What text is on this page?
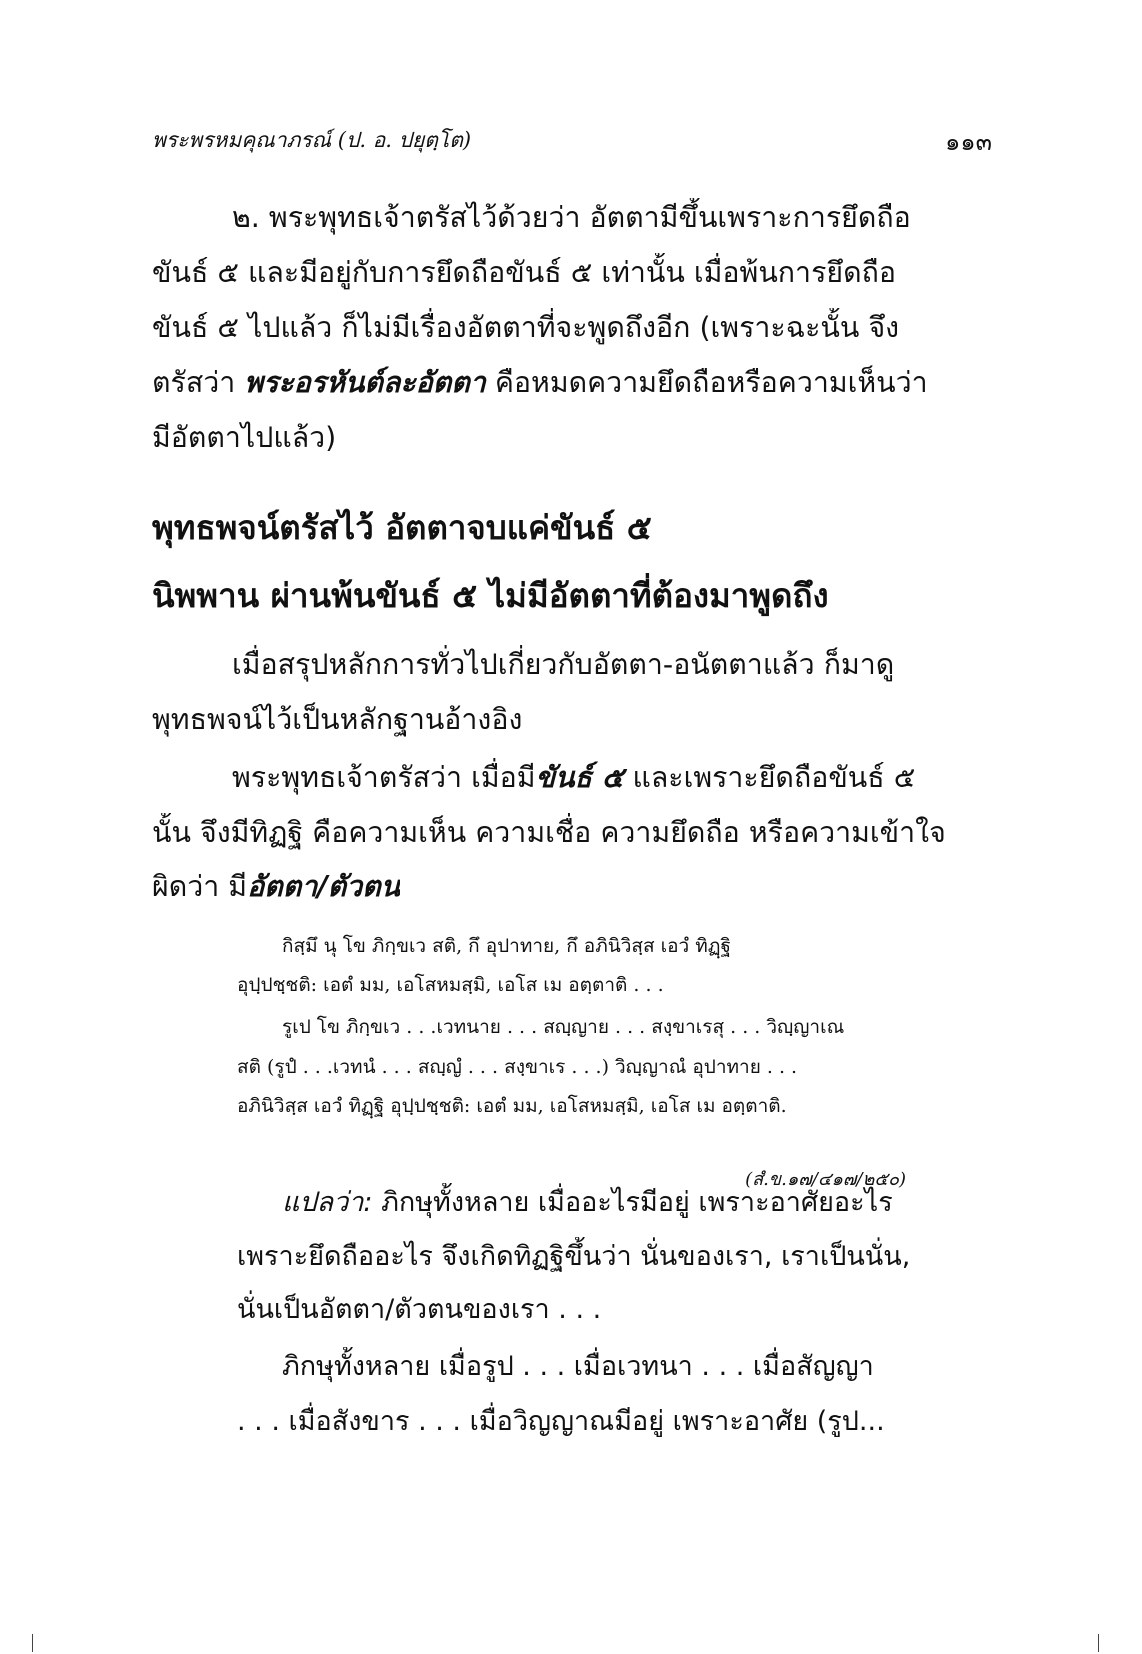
พระพรหมคุณาภรณ์ (ป. อ. ปยุตฺโต)	๑๑๓
๒. พระพุทธเจ้าตรัสไว้ด้วยว่า อัตตามีขึ้นเพราะการยึดถือ
ขันธ์ ๕ และมีอยู่กับการยึดถือขันธ์ ๕ เท่านั้น เมื่อพ้นการยึดถือ
ขันธ์ ๕ ไปแล้ว ก็ไม่มีเรื่องอัตตาที่จะพูดถึงอีก (เพราะฉะนั้น จึง
ตรัสว่า พระอรหันต์ละอัตตา คือหมดความยึดถือหรือความเห็นว่า
มีอัตตาไปแล้ว)
พุทธพจน์ตรัสไว้ อัตตาจบแค่ขันธ์ ๕
นิพพาน ผ่านพ้นขันธ์ ๕ ไม่มีอัตตาที่ต้องมาพูดถึง
เมื่อสรุปหลักการทั่วไปเกี่ยวกับอัตตา-อนัตตาแล้ว ก็มาดู
พุทธพจน์ไว้เป็นหลักฐานอ้างอิง
พระพุทธเจ้าตรัสว่า เมื่อมีขันธ์ ๕ และเพราะยึดถือขันธ์ ๕
นั้น จึงมีทิฏฐิ คือความเห็น ความเชื่อ ความยึดถือ หรือความเข้าใจ
ผิดว่า มีอัตตา/ตัวตน
กิสฺมึ นุ โข ภิกฺขเว สติ, กึ อุปาทาย, กึ อภินิวิสฺส เอวํ ทิฏฺฐิ
อุปฺปชฺชติ: เอตํ มม, เอโสหมสฺมิ, เอโส เม อตฺตาติ . . .
รูเป โข ภิกฺขเว . . .เวทนาย . . . สญฺญาย . . . สงฺขาเรสุ . . . วิญฺญาเณ
สติ (รูปํ . . .เวทนํ . . . สญฺญํ . . . สงฺขาเร . . .) วิญฺญาณํ อุปาทาย . . .
อภินิวิสฺส เอวํ ทิฏฺฐิ อุปฺปชฺชติ: เอตํ มม, เอโสหมสฺมิ, เอโส เม อตฺตาติ.
(สํ.ข.๑๗/๔๑๗/๒๕๐)
แปลว่า: ภิกษุทั้งหลาย เมื่ออะไรมีอยู่ เพราะอาศัยอะไร
เพราะยึดถืออะไร จึงเกิดทิฏฐิขึ้นว่า นั่นของเรา, เราเป็นนั่น,
นั่นเป็นอัตตา/ตัวตนของเรา . . .
ภิกษุทั้งหลาย เมื่อรูป . . . เมื่อเวทนา . . . เมื่อสัญญา
. . . เมื่อสังขาร . . . เมื่อวิญญาณมีอยู่ เพราะอาศัย (รูป...
